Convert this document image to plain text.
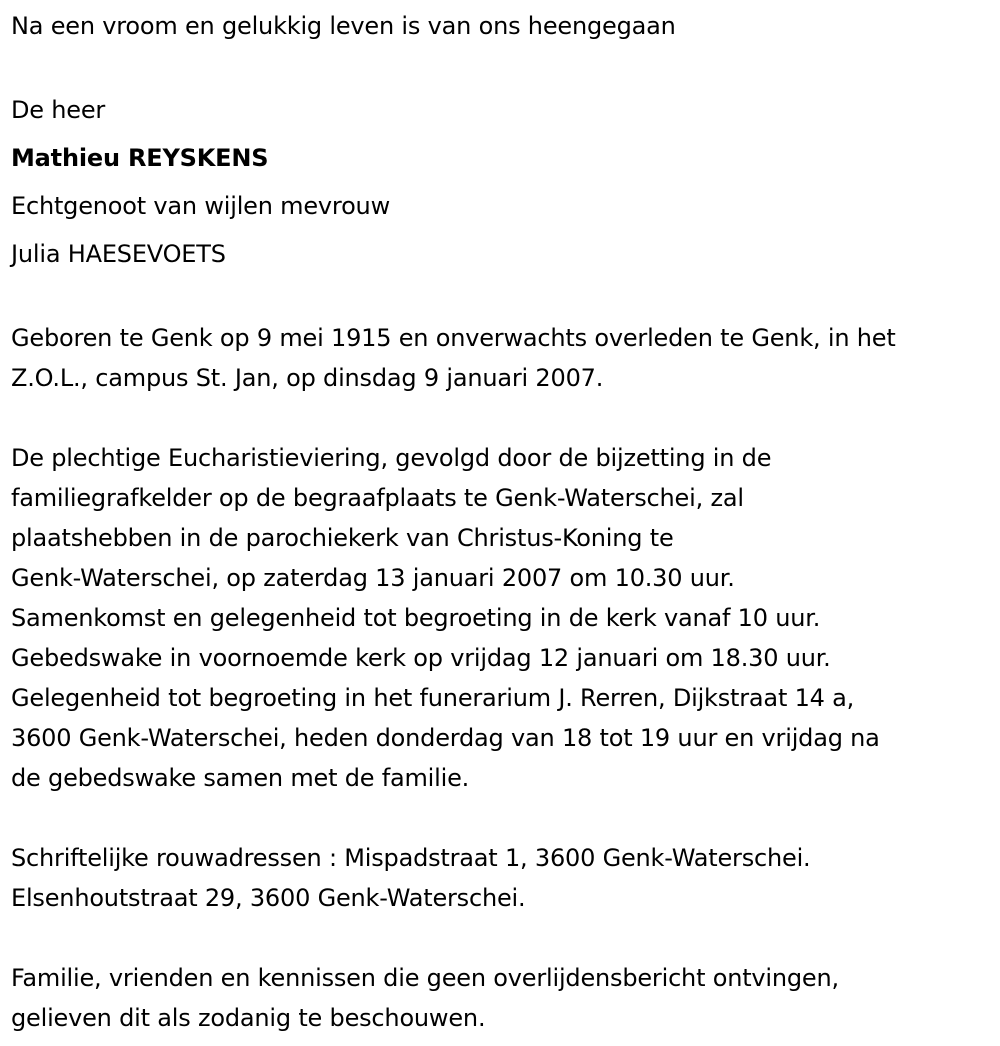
Na een vroom en gelukkig leven is van ons heengegaan
De heer
Mathieu REYSKENS
Echtgenoot van wijlen mevrouw
Julia HAESEVOETS
Geboren te Genk op 9 mei 1915 en onverwachts overleden te Genk, in het
Z.O.L., campus St. Jan, op dinsdag 9 januari 2007.
De plechtige Eucharistieviering, gevolgd door de bijzetting in de
familiegrafkelder op de begraafplaats te Genk-Waterschei, zal
plaatshebben in de parochiekerk van Christus-Koning te
Genk-Waterschei, op zaterdag 13 januari 2007 om 10.30 uur.
Samenkomst en gelegenheid tot begroeting in de kerk vanaf 10 uur.
Gebedswake in voornoemde kerk op vrijdag 12 januari om 18.30 uur.
Gelegenheid tot begroeting in het funerarium J. Rerren, Dijkstraat 14 a,
3600 Genk-Waterschei, heden donderdag van 18 tot 19 uur en vrijdag na
de gebedswake samen met de familie.
Schriftelijke rouwadressen : Mispadstraat 1, 3600 Genk-Waterschei.
Elsenhoutstraat 29, 3600 Genk-Waterschei.
Familie, vrienden en kennissen die geen overlijdensbericht ontvingen,
gelieven dit als zodanig te beschouwen.
